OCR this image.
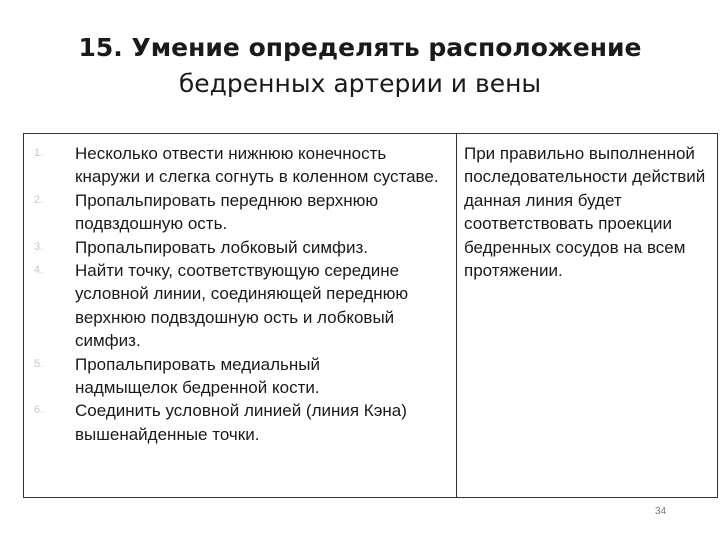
15. Умение определять расположение
бедренных артерии и вены
1. Несколько отвести нижнюю конечность кнаружи и слегка согнуть в коленном суставе.
2. Пропальпировать переднюю верхнюю подвздошную ость.
3. Пропальпировать лобковый симфиз.
4. Найти точку, соответствующую середине условной линии, соединяющей переднюю верхнюю подвздошную ость и лобковый симфиз.
5. Пропальпировать медиальный надмыщелок бедренной кости.
6. Соединить условной линией (линия Кэна) вышенайденные точки.
При правильно выполненной последовательности действий данная линия будет соответствовать проекции бедренных сосудов на всем протяжении.
34
